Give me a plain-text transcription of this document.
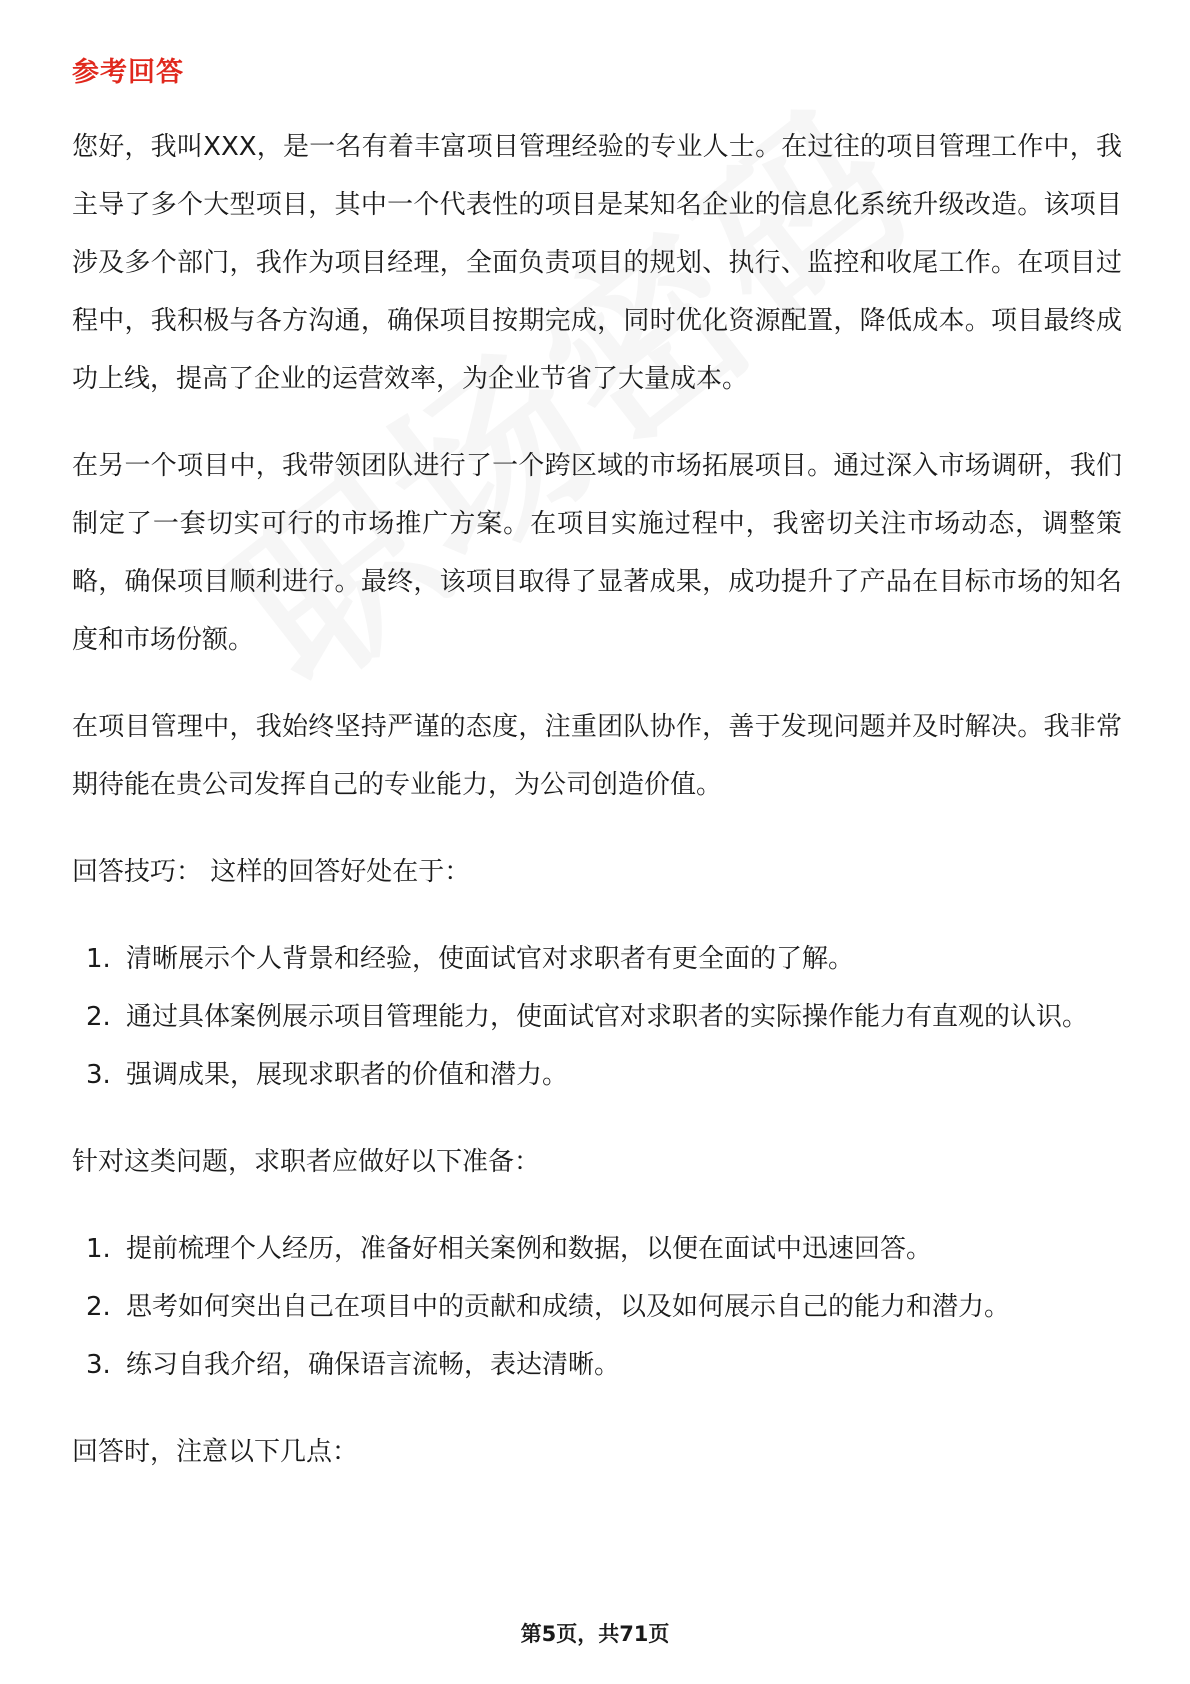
参考回答

您好，我叫XXX，是一名有着丰富项目管理经验的专业人士。在过往的项目管理工作中，我主导了多个大型项目，其中一个代表性的项目是某知名企业的信息化系统升级改造。该项目涉及多个部门，我作为项目经理，全面负责项目的规划、执行、监控和收尾工作。在项目过程中，我积极与各方沟通，确保项目按期完成，同时优化资源配置，降低成本。项目最终成功上线，提高了企业的运营效率，为企业节省了大量成本。

在另一个项目中，我带领团队进行了一个跨区域的市场拓展项目。通过深入市场调研，我们制定了一套切实可行的市场推广方案。在项目实施过程中，我密切关注市场动态，调整策略，确保项目顺利进行。最终，该项目取得了显著成果，成功提升了产品在目标市场的知名度和市场份额。

在项目管理中，我始终坚持严谨的态度，注重团队协作，善于发现问题并及时解决。我非常期待能在贵公司发挥自己的专业能力，为公司创造价值。

回答技巧： 这样的回答好处在于：

1. 清晰展示个人背景和经验，使面试官对求职者有更全面的了解。
2. 通过具体案例展示项目管理能力，使面试官对求职者的实际操作能力有直观的认识。
3. 强调成果，展现求职者的价值和潜力。

针对这类问题，求职者应做好以下准备：

1. 提前梳理个人经历，准备好相关案例和数据，以便在面试中迅速回答。
2. 思考如何突出自己在项目中的贡献和成绩，以及如何展示自己的能力和潜力。
3. 练习自我介绍，确保语言流畅，表达清晰。

回答时，注意以下几点：

第5页，共71页
